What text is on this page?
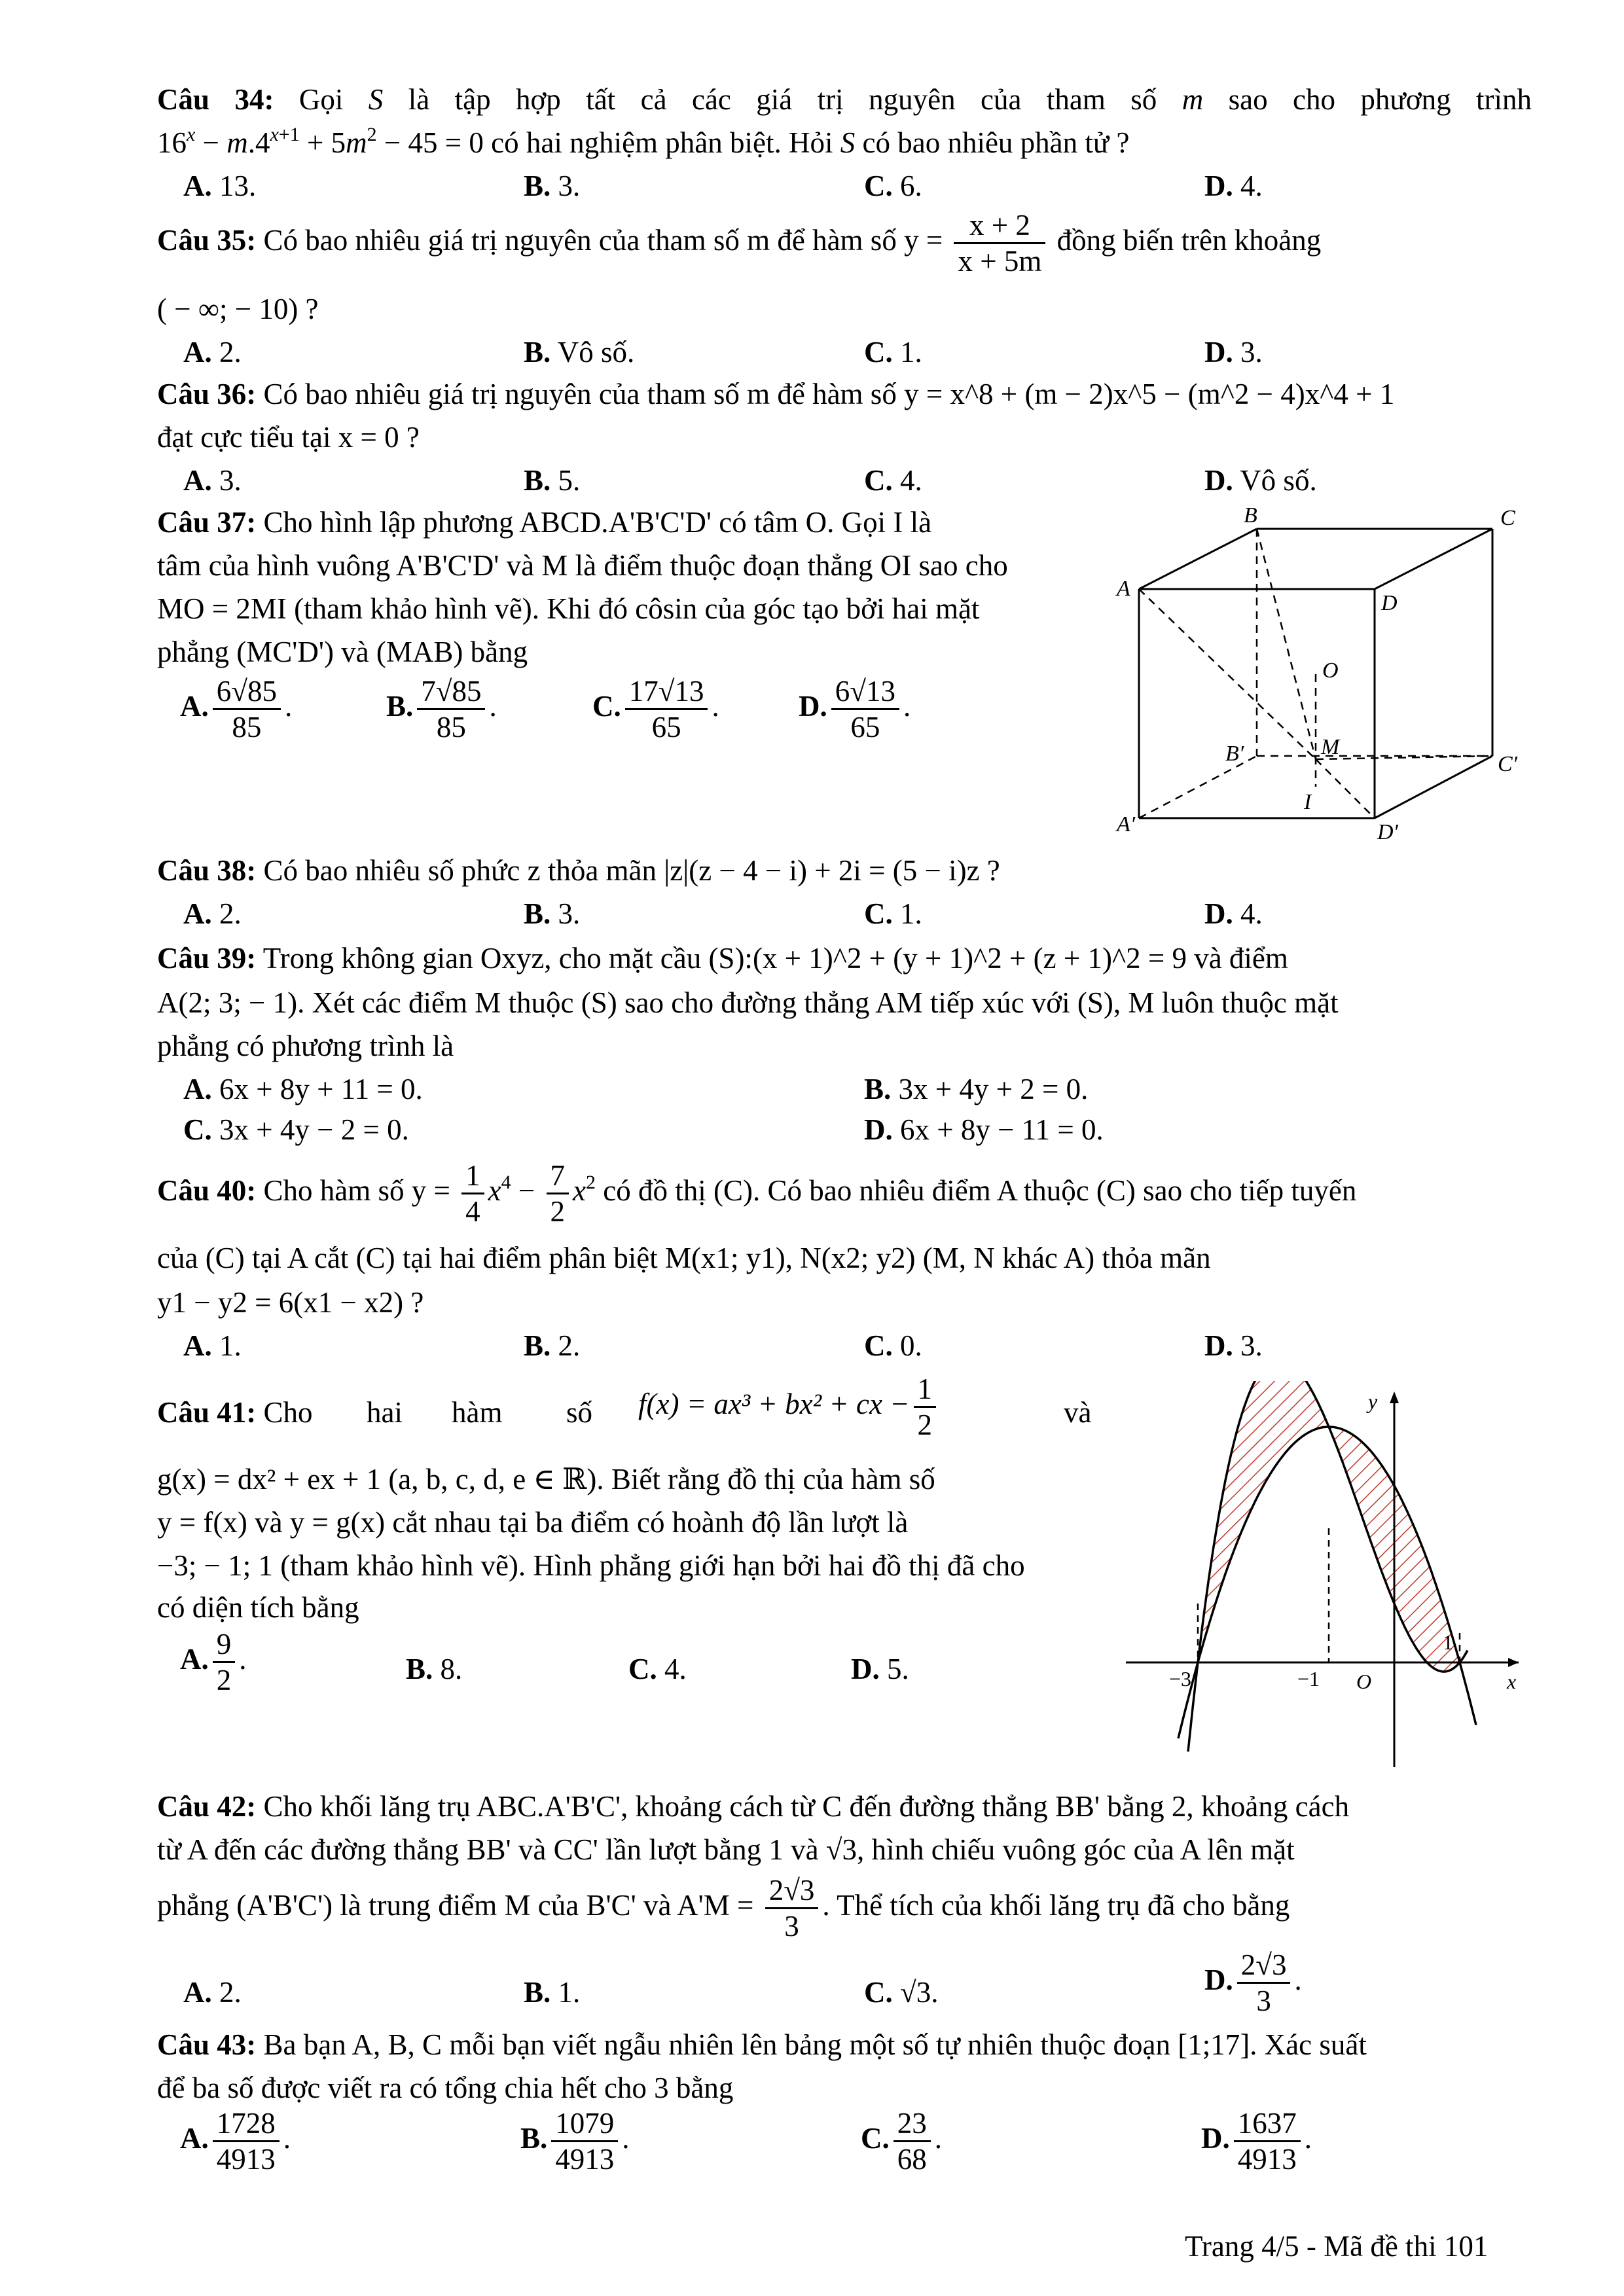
Câu 34: Gọi S là tập hợp tất cả các giá trị nguyên của tham số m sao cho phương trình
$16^x - m.4^{x+1} + 5m^2 - 45 = 0$ có hai nghiệm phân biệt. Hỏi S có bao nhiêu phần tử ?
A. 13.	B. 3.	C. 6.	D. 4.
Câu 35: Có bao nhiêu giá trị nguyên của tham số m để hàm số $y = \frac{x + 2}{x + 5m}$ đồng biến trên khoảng
( − ∞; − 10) ?
A. 2.	B. Vô số.	C. 1.	D. 3.
Câu 36: Có bao nhiêu giá trị nguyên của tham số m để hàm số y = x^8 + (m − 2)x^5 − (m^2 − 4)x^4 + 1
đạt cực tiểu tại x = 0 ?
A. 3.	B. 5.	C. 4.	D. Vô số.
Câu 37: Cho hình lập phương ABCD.A'B'C'D' có tâm O. Gọi I là
tâm của hình vuông A'B'C'D' và M là điểm thuộc đoạn thẳng OI sao cho
MO = 2MI (tham khảo hình vẽ). Khi đó côsin của góc tạo bởi hai mặt
phẳng (MC'D') và (MAB) bằng
A. $\frac{6√85}{85}$ .	B. $\frac{7√85}{85}$ .	C. $\frac{17√13}{65}$ .	D. $\frac{6√13}{65}$ .
B	C
A
D
O
M
B′	C′
I
A′	D′
Câu 38: Có bao nhiêu số phức z thỏa mãn |z|(z − 4 − i) + 2i = (5 − i)z ?
A. 2.	B. 3.	C. 1.	D. 4.
Câu 39: Trong không gian Oxyz, cho mặt cầu (S):(x + 1)^2 + (y + 1)^2 + (z + 1)^2 = 9 và điểm
A(2; 3; − 1). Xét các điểm M thuộc (S) sao cho đường thẳng AM tiếp xúc với (S), M luôn thuộc mặt
phẳng có phương trình là
A. 6x + 8y + 11 = 0.	B. 3x + 4y + 2 = 0.
C. 3x + 4y − 2 = 0.	D. 6x + 8y − 11 = 0.
Câu 40: Cho hàm số $y = \frac{1}{4} x^4 - \frac{7}{2} x^2$ có đồ thị (C). Có bao nhiêu điểm A thuộc (C) sao cho tiếp tuyến
của (C) tại A cắt (C) tại hai điểm phân biệt M(x1; y1), N(x2; y2) (M, N khác A) thỏa mãn
y1 − y2 = 6(x1 − x2) ?
A. 1.	B. 2.	C. 0.	D. 3.
Câu 41: Cho hai hàm số f(x) = ax³ + bx² + cx − $\frac{1}{2}$	và
g(x) = dx² + ex + 1 (a, b, c, d, e ∈ ℝ). Biết rằng đồ thị của hàm số
y = f(x) và y = g(x) cắt nhau tại ba điểm có hoành độ lần lượt là
−3; − 1; 1 (tham khảo hình vẽ). Hình phẳng giới hạn bởi hai đồ thị đã cho
có diện tích bằng
A. $\frac{9}{2}$ .	B. 8.	C. 4.	D. 5.
y
x
O
1
−3	−1
Câu 42: Cho khối lăng trụ ABC.A'B'C', khoảng cách từ C đến đường thẳng BB' bằng 2, khoảng cách
từ A đến các đường thẳng BB' và CC' lần lượt bằng 1 và √3, hình chiếu vuông góc của A lên mặt
phẳng (A'B'C') là trung điểm M của B'C' và $A'M = \frac{2√3}{3}$ . Thể tích của khối lăng trụ đã cho bằng
A. 2.	B. 1.	C. √3.	D. $\frac{2√3}{3}$ .
Câu 43: Ba bạn A, B, C mỗi bạn viết ngẫu nhiên lên bảng một số tự nhiên thuộc đoạn [1;17]. Xác suất
để ba số được viết ra có tổng chia hết cho 3 bằng
A. $\frac{1728}{4913}$ .	B. $\frac{1079}{4913}$ .	C. $\frac{23}{68}$ .	D. $\frac{1637}{4913}$ .
Trang 4/5 - Mã đề thi 101
